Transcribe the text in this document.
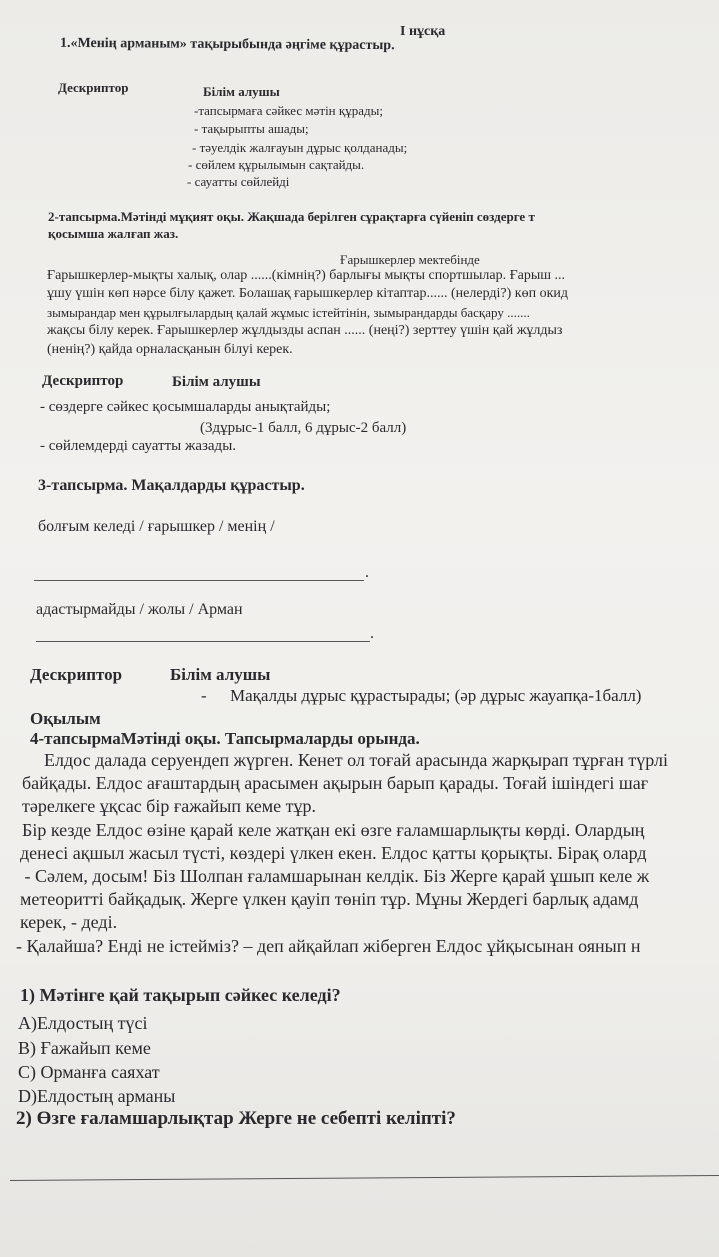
І нұсқа
1.«Менің арманым» тақырыбында әңгіме құрастыр.
Дескриптор	Білім алушы
-тапсырмаға сәйкес мәтін құрады;
- тақырыпты ашады;
- тәуелдік жалғауын дұрыс қолданады;
- сөйлем құрылымын сақтайды.
- сауатты сөйлейді
2-тапсырма.Мәтінді мұқият оқы. Жақшада берілген сұрақтарға сүйеніп сөздерге т
қосымша жалғап жаз.
Ғарышкерлер мектебінде
Ғарышкерлер-мықты халық, олар ......(кімнің?) барлығы мықты спортшылар. Ғарыш ...
ұшу үшін көп нәрсе білу қажет. Болашақ ғарышкерлер кітаптар...... (нелерді?) көп окид
зымырандар мен құрылғылардың қалай жұмыс істейтінін, зымырандарды басқару .......
жақсы білу керек. Ғарышкерлер жұлдызды аспан ...... (неңі?) зерттеу үшін қай жұлдыз
(ненің?) қайда орналасқанын білуі керек.
Дескриптор	Білім алушы
- сөздерге сәйкес қосымшаларды анықтайды;
(3дұрыс-1 балл, 6 дұрыс-2 балл)
- сөйлемдерді сауатты жазады.
3-тапсырма. Мақалдарды құрастыр.
болғым келеді / ғарышкер / менің /
.
адастырмайды / жолы / Арман
.
Дескриптор	Білім алушы
- Мақалды дұрыс құрастырады; (әр дұрыс жауапқа-1балл)
Оқылым
4-тапсырмаМәтінді оқы. Тапсырмаларды орында.
Елдос далада серуендеп жүрген. Кенет ол тоғай арасында жарқырап тұрған түрлі
байқады. Елдос ағаштардың арасымен ақырын барып қарады. Тоғай ішіндегі шағ
тәрелкеге ұқсас бір ғажайып кеме тұр.
Бір кезде Елдос өзіне қарай келе жатқан екі өзге ғаламшарлықты көрді. Олардың
денесі ақшыл жасыл түсті, көздері үлкен екен. Елдос қатты қорықты. Бірақ олард
- Сәлем, досым! Біз Шолпан ғаламшарынан келдік. Біз Жерге қарай ұшып келе ж
метеоритті байқадық. Жерге үлкен қауіп төніп тұр. Мұны Жердегі барлық адамд
керек, - деді.
- Қалайша? Енді не істейміз? – деп айқайлап жіберген Елдос ұйқысынан оянып н
1) Мәтінге қай тақырып сәйкес келеді?
А)Елдостың түсі
В) Ғажайып кеме
С) Орманға саяхат
D)Елдостың арманы
2) Өзге ғаламшарлықтар Жерге не себепті келіпті?
